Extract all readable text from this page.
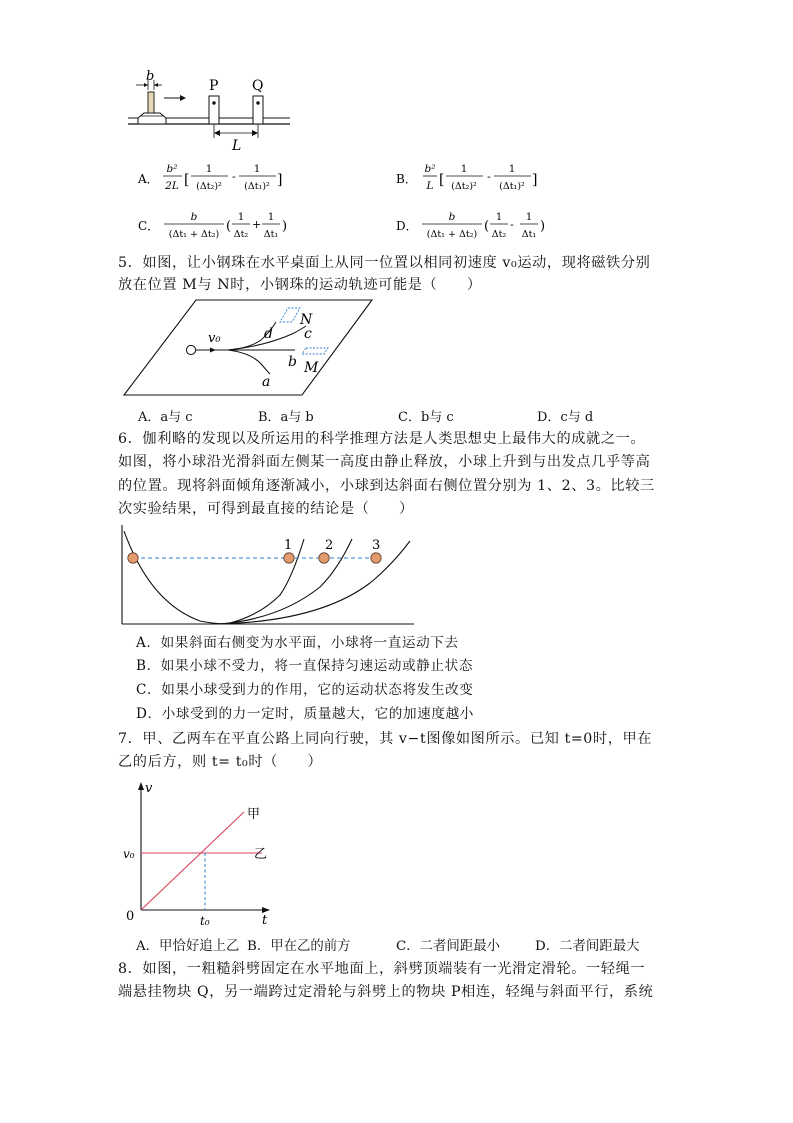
b
P Q
L
A．
b²
2L [
1
(Δt₂)²
-
1
(Δt₁)² ]	B．
b²
L [
1
(Δt₂)²
-
1
(Δt₁)² ]
C．
b
(Δt₁ + Δt₂)
(
1
Δt₂
+
1
Δt₁
)	D．
b
(Δt₁ + Δt₂)
(
1
Δt₂
-
1
Δt₁
)
5．如图，让小钢珠在水平桌面上从同一位置以相同初速度 v₀运动，现将磁铁分别
放在位置 M与 N时，小钢珠的运动轨迹可能是（　　）
v₀	d c
N
b M
a
A．a与 c	B．a与 b	C．b与 c	D．c与 d
6．伽利略的发现以及所运用的科学推理方法是人类思想史上最伟大的成就之一。
如图，将小球沿光滑斜面左侧某一高度由静止释放，小球上升到与出发点几乎等高
的位置。现将斜面倾角逐渐减小，小球到达斜面右侧位置分别为 1、2、3。比较三
次实验结果，可得到最直接的结论是（　　）
1	2	3
A．如果斜面右侧变为水平面，小球将一直运动下去
B．如果小球不受力，将一直保持匀速运动或静止状态
C．如果小球受到力的作用，它的运动状态将发生改变
D．小球受到的力一定时，质量越大，它的加速度越小
7．甲、乙两车在平直公路上同向行驶，其 v−t图像如图所示。已知 t=0时，甲在
乙的后方，则 t= t₀时（　　）
v
t
0
v₀
t₀
甲
乙
A．甲恰好追上乙 B．甲在乙的前方	C．二者间距最小	D．二者间距最大
8．如图，一粗糙斜劈固定在水平地面上，斜劈顶端装有一光滑定滑轮。一轻绳一
端悬挂物块 Q，另一端跨过定滑轮与斜劈上的物块 P相连，轻绳与斜面平行，系统
